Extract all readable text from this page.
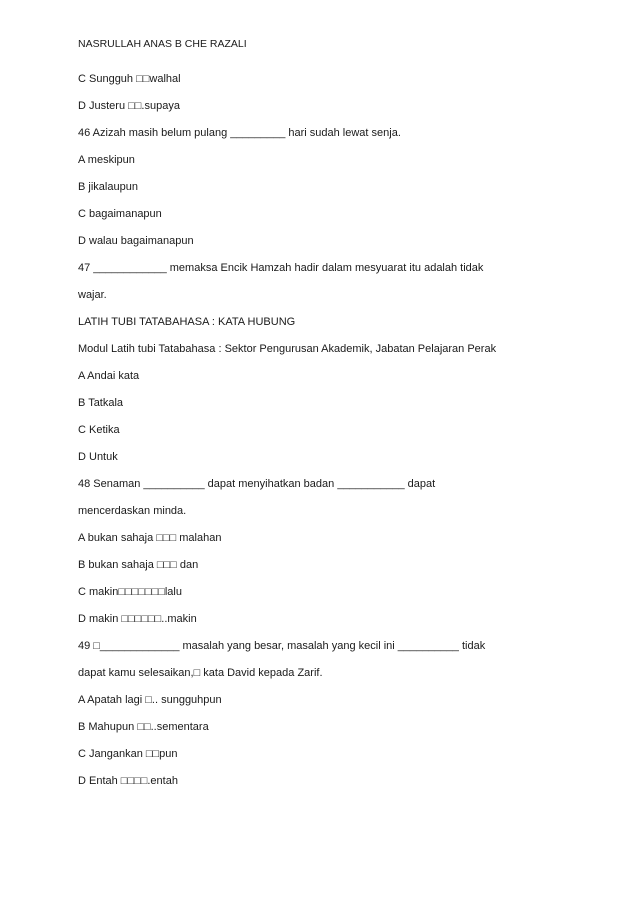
NASRULLAH ANAS B CHE RAZALI
C Sungguh □□walhal
D Justeru □□.supaya
46 Azizah masih belum pulang _________ hari sudah lewat senja.
A meskipun
B jikalaupun
C bagaimanapun
D walau bagaimanapun
47 ____________ memaksa Encik Hamzah hadir dalam mesyuarat itu adalah tidak
wajar.
LATIH TUBI TATABAHASA : KATA HUBUNG
Modul Latih tubi Tatabahasa : Sektor Pengurusan Akademik, Jabatan Pelajaran Perak
A Andai kata
B Tatkala
C Ketika
D Untuk
48 Senaman __________ dapat menyihatkan badan ___________ dapat
mencerdaskan minda.
A bukan sahaja □□□ malahan
B bukan sahaja □□□ dan
C makin□□□□□□□lalu
D makin □□□□□□..makin
49 □_____________ masalah yang besar, masalah yang kecil ini __________ tidak
dapat kamu selesaikan,□ kata David kepada Zarif.
A Apatah lagi □.. sungguhpun
B Mahupun □□..sementara
C Jangankan □□pun
D Entah □□□□.entah
